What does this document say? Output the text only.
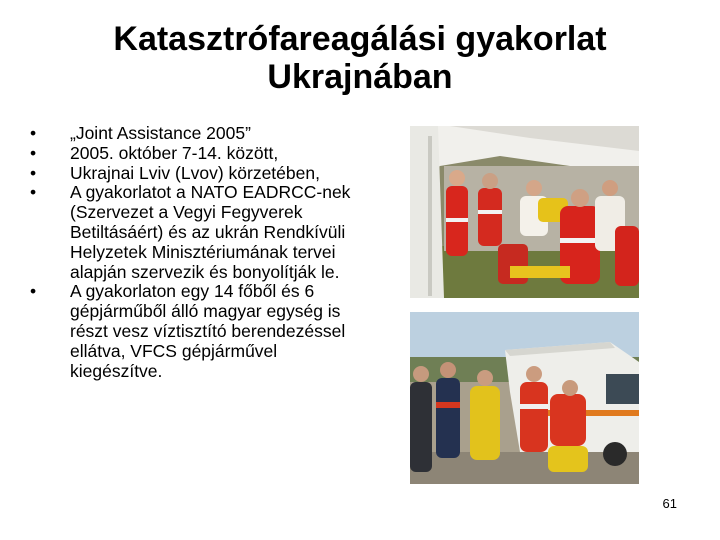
Katasztrófareagálási gyakorlat
Ukrajnában
• „Joint Assistance 2005”
• 2005. október 7-14. között,
• Ukrajnai Lviv (Lvov) körzetében,
• A gyakorlatot a NATO EADRCC-nek (Szervezet a Vegyi Fegyverek Betiltásáért) és az ukrán Rendkívüli Helyzetek Minisztériumának tervei alapján szervezik és bonyolítják le.
• A gyakorlaton egy 14 főből és 6 gépjárműből álló magyar egység is részt vesz víztisztító berendezéssel ellátva, VFCS gépjárművel kiegészítve.
61
